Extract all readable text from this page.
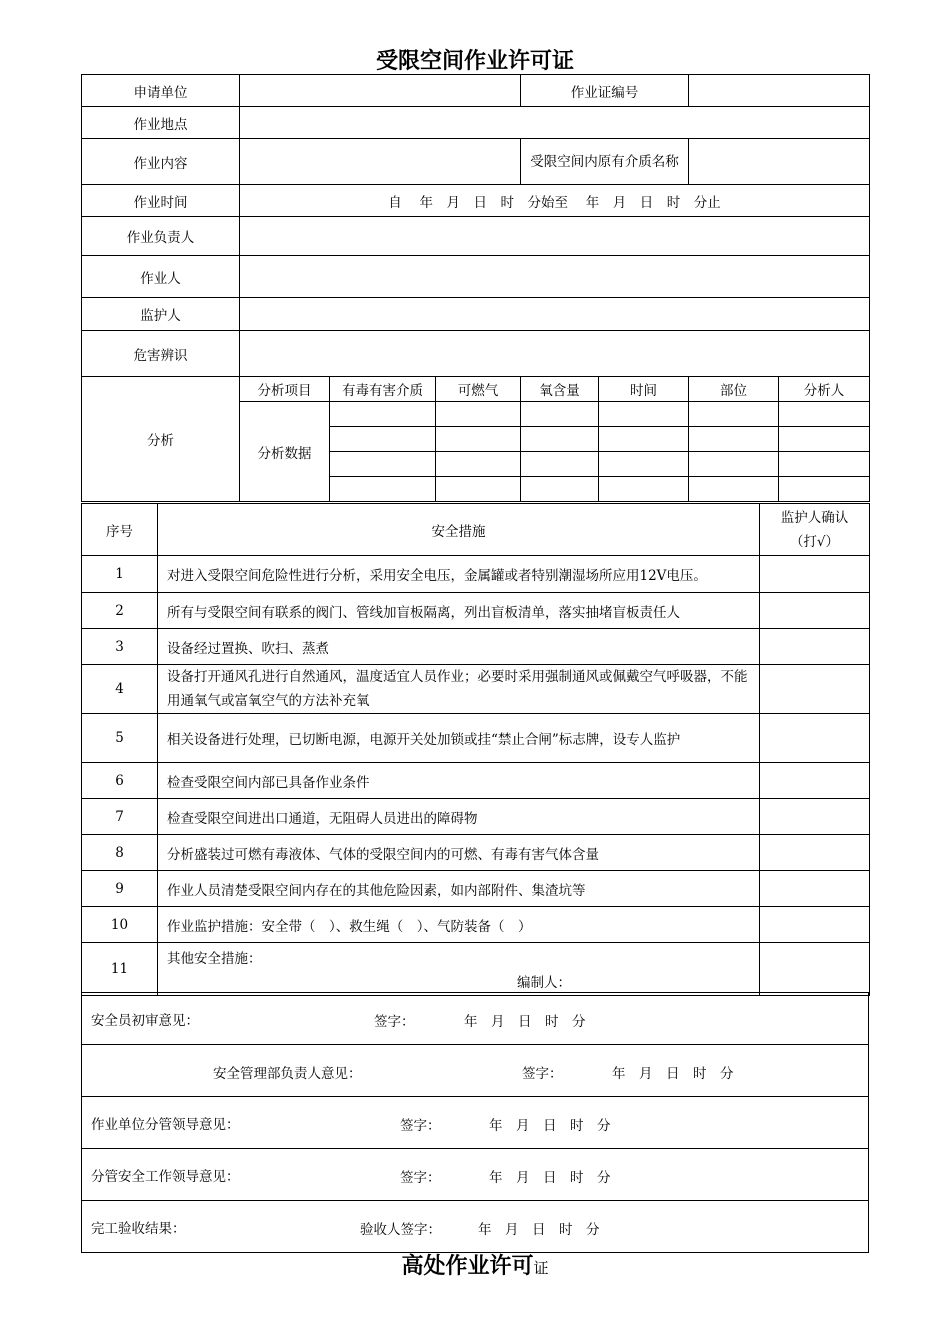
受限空间作业许可证
申请单位				作业证编号			
作业地点							
作业内容				受限空间内原有介质名称			
作业时间	自　 年　月　日　时　分始至　 年　月　日　时　分止						
作业负责人							
作业人							
监护人							
危害辨识							
分析	分析项目	有毒有害介质	可燃气	氧含量	时间	部位	分析人
	分析数据						

序号	安全措施	监护人确认（打√）
1	对进入受限空间危险性进行分析，采用安全电压，金属罐或者特别潮湿场所应用12V电压。	
2	所有与受限空间有联系的阀门、管线加盲板隔离，列出盲板清单，落实抽堵盲板责任人	
3	设备经过置换、吹扫、蒸煮	
4	设备打开通风孔进行自然通风，温度适宜人员作业；必要时采用强制通风或佩戴空气呼吸器，不能用通氧气或富氧空气的方法补充氧	
5	相关设备进行处理，已切断电源，电源开关处加锁或挂“禁止合闸”标志牌，设专人监护	
6	检查受限空间内部已具备作业条件	
7	检查受限空间进出口通道，无阻碍人员进出的障碍物	
8	分析盛装过可燃有毒液体、气体的受限空间内的可燃、有毒有害气体含量	
9	作业人员清楚受限空间内存在的其他危险因素，如内部附件、集渣坑等	
10	作业监护措施：安全带（　）、救生绳（　）、气防装备（　）	
11	其他安全措施：
编制人：	

安全员初审意见：	签字：	年　月　日　时　分

安全管理部负责人意见：	签字：	年　月　日　时　分

作业单位分管领导意见：	签字：	年　月　日　时　分

分管安全工作领导意见：	签字：	年　月　日　时　分

完工验收结果：	验收人签字：	年　月　日　时　分
高处作业许可证
